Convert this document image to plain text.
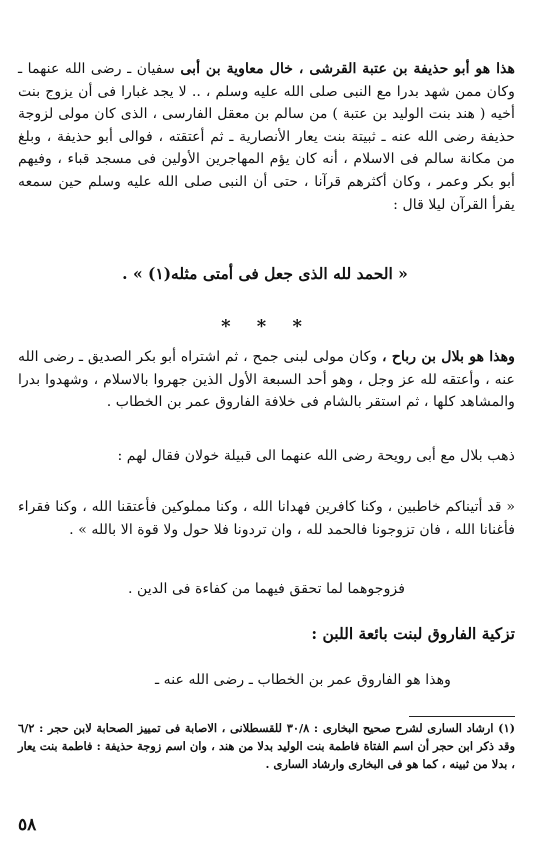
هذا هو أبو حذيفة بن عتبة القرشى ، خال معاوية بن أبى سفيان ـ رضى الله عنهما ـ وكان ممن شهد بدرا مع النبى صلى الله عليه وسلم ، .. لا يجد غبارا فى أن يزوج بنت أخيه ( هند بنت الوليد بن عتبة ) من سالم بن معقل الفارسى ، الذى كان مولى لزوجة حذيفة رضى الله عنه ـ ثبيتة بنت يعار الأنصارية ـ ثم أعتقته ، فوالى أبو حذيفة ، وبلغ من مكانة سالم فى الاسلام ، أنه كان يؤم المهاجرين الأولين فى مسجد قباء ، وفيهم أبو بكر وعمر ، وكان أكثرهم قرآنا ، حتى أن النبى صلى الله عليه وسلم حين سمعه يقرأ القرآن ليلا قال :

« الحمد لله الذى جعل فى أمتى مثله(١) » .
* * *

وهذا هو بلال بن رباح ، وكان مولى لبنى جمح ، ثم اشتراه أبو بكر الصديق ـ رضى الله عنه ، وأعتقه لله عز وجل ، وهو أحد السبعة الأول الذين جهروا بالاسلام ، وشهدوا بدرا والمشاهد كلها ، ثم استقر بالشام فى خلافة الفاروق عمر بن الخطاب .

ذهب بلال مع أبى رويحة رضى الله عنهما الى قبيلة خولان فقال لهم :

« قد أتيناكم خاطبين ، وكنا كافرين فهدانا الله ، وكنا مملوكين فأعتقنا الله ، وكنا فقراء فأغنانا الله ، فان تزوجونا فالحمد لله ، وان تردونا فلا حول ولا قوة الا بالله » .

فزوجوهما لما تحقق فيهما من كفاءة فى الدين .

تزكية الفاروق لبنت بائعة اللبن :
وهذا هو الفاروق عمر بن الخطاب ـ رضى الله عنه ـ
(١) ارشاد السارى لشرح صحيح البخارى : ٣٠/٨ للقسطلانى ، الاصابة فى تمييز الصحابة لابن حجر : ٦/٢ وقد ذكر ابن حجر أن اسم الفتاة فاطمة بنت الوليد بدلا من هند ، وان اسم زوجة حذيفة : فاطمة بنت يعار ، بدلا من ثبينه ، كما هو فى البخارى وارشاد السارى .
٥٨
